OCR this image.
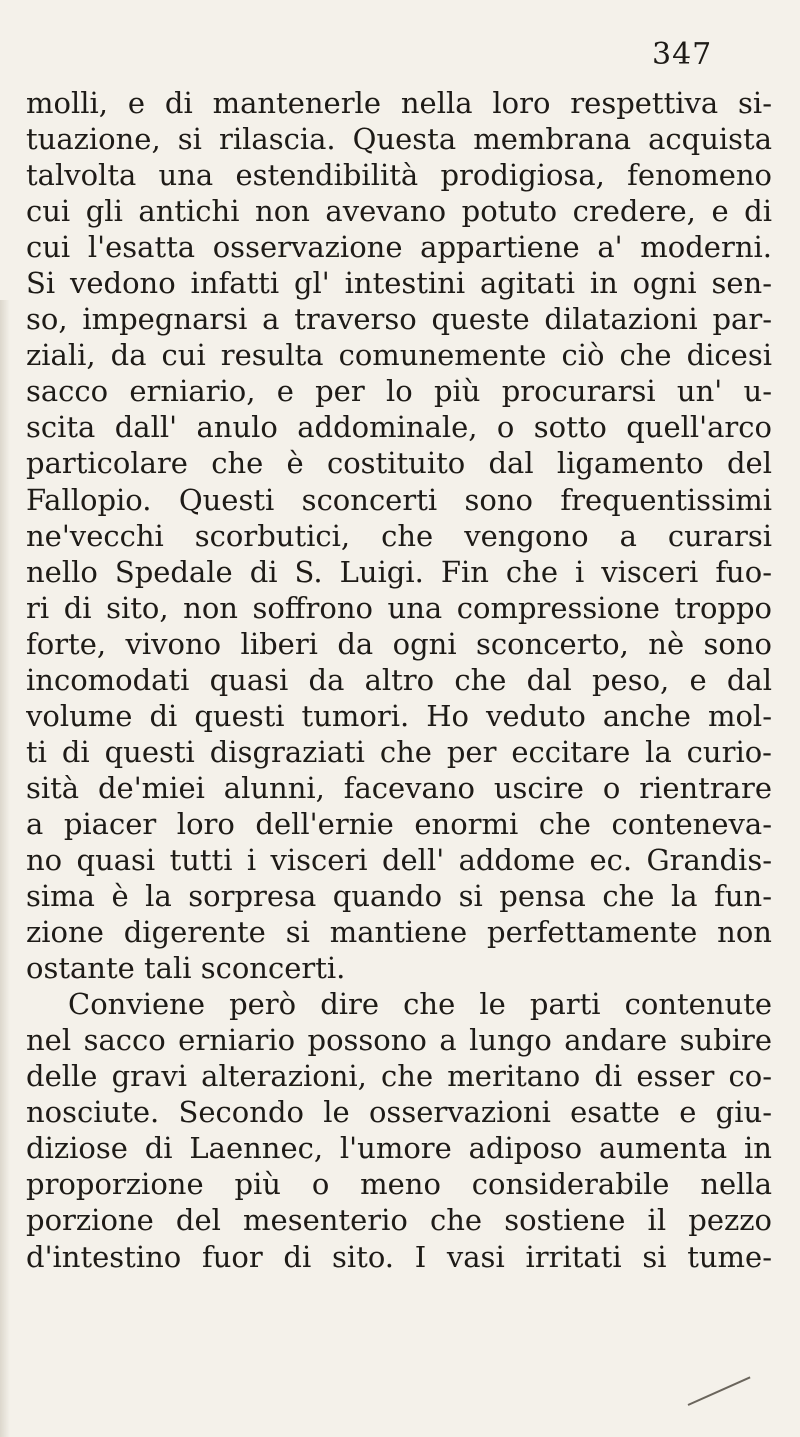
347
molli, e di mantenerle nella loro respettiva si-
tuazione, si rilascia. Questa membrana acquista
talvolta una estendibilità prodigiosa, fenomeno
cui gli antichi non avevano potuto credere, e di
cui l'esatta osservazione appartiene a' moderni.
Si vedono infatti gl' intestini agitati in ogni sen-
so, impegnarsi a traverso queste dilatazioni par-
ziali, da cui resulta comunemente ciò che dicesi
sacco erniario, e per lo più procurarsi un' u-
scita dall' anulo addominale, o sotto quell'arco
particolare che è costituito dal ligamento del
Fallopio. Questi sconcerti sono frequentissimi
ne'vecchi scorbutici, che vengono a curarsi
nello Spedale di S. Luigi. Fin che i visceri fuo-
ri di sito, non soffrono una compressione troppo
forte, vivono liberi da ogni sconcerto, nè sono
incomodati quasi da altro che dal peso, e dal
volume di questi tumori. Ho veduto anche mol-
ti di questi disgraziati che per eccitare la curio-
sità de'miei alunni, facevano uscire o rientrare
a piacer loro dell'ernie enormi che conteneva-
no quasi tutti i visceri dell' addome ec. Grandis-
sima è la sorpresa quando si pensa che la fun-
zione digerente si mantiene perfettamente non
ostante tali sconcerti.
Conviene però dire che le parti contenute
nel sacco erniario possono a lungo andare subire
delle gravi alterazioni, che meritano di esser co-
nosciute. Secondo le osservazioni esatte e giu-
diziose di Laennec, l'umore adiposo aumenta in
proporzione più o meno considerabile nella
porzione del mesenterio che sostiene il pezzo
d'intestino fuor di sito. I vasi irritati si tume-
